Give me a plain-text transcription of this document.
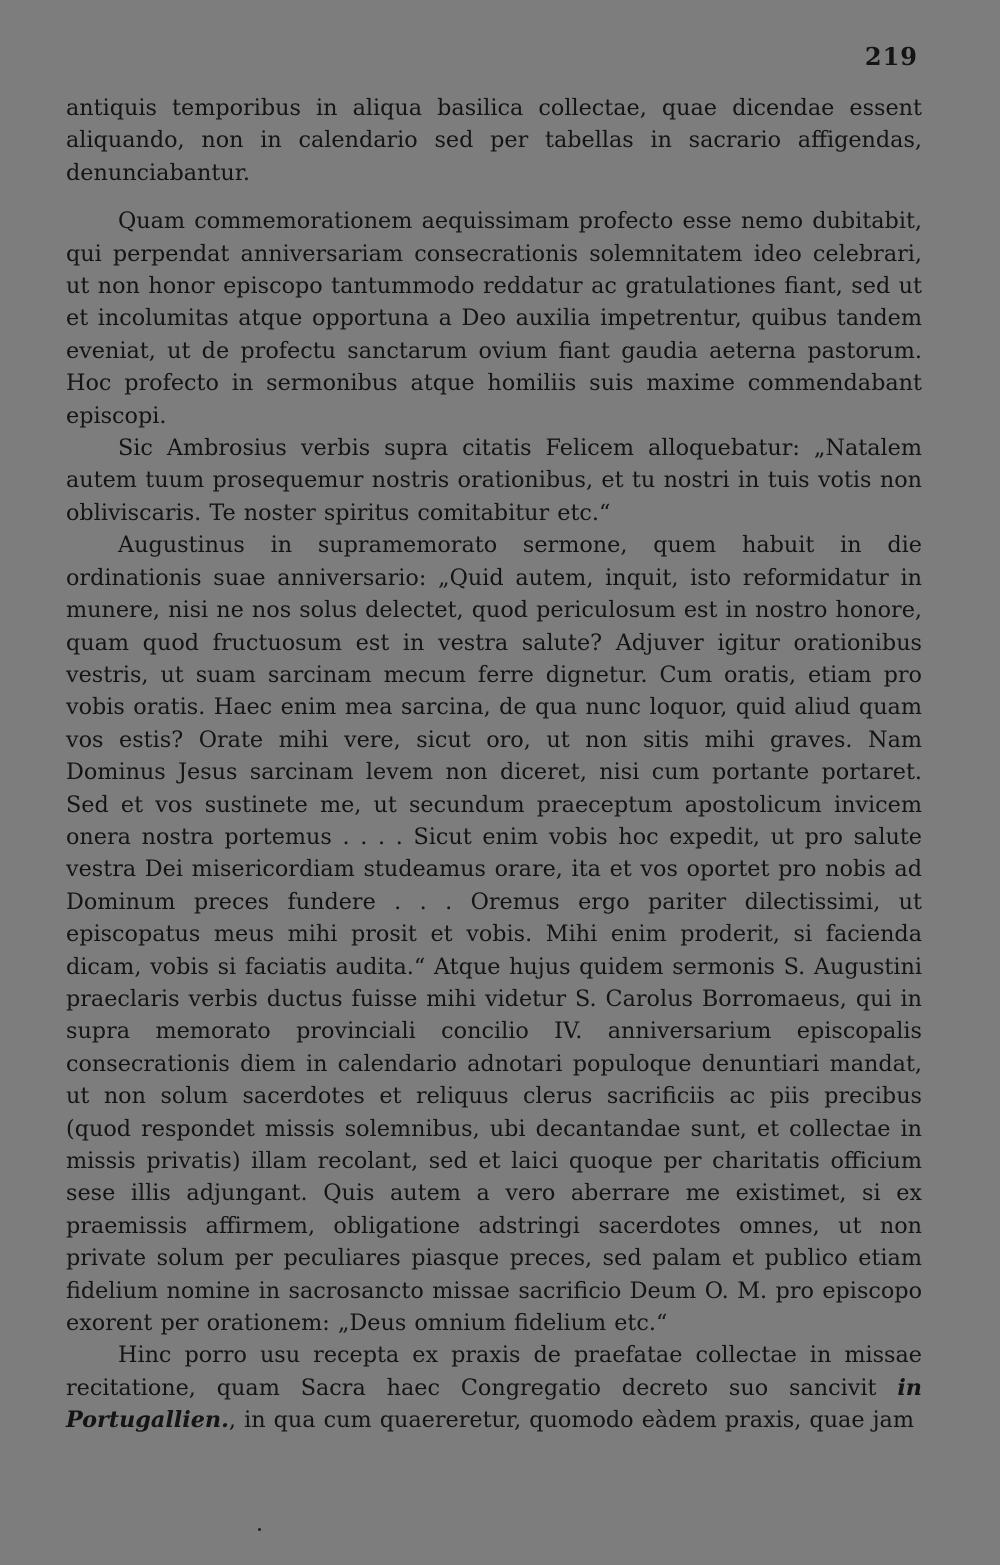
219

antiquis temporibus in aliqua basilica collectae, quae dicendae essent aliquando, non in calendario sed per tabellas in sacrario affigendas, denunciabantur.

Quam commemorationem aequissimam profecto esse nemo dubitabit, qui perpendat anniversariam consecrationis solemnitatem ideo celebrari, ut non honor episcopo tantummodo reddatur ac gratulationes fiant, sed ut et incolumitas atque opportuna a Deo auxilia impetrentur, quibus tandem eveniat, ut de profectu sanctarum ovium fiant gaudia aeterna pastorum. Hoc profecto in sermonibus atque homiliis suis maxime commendabant episcopi.

Sic Ambrosius verbis supra citatis Felicem alloquebatur: „Natalem autem tuum prosequemur nostris orationibus, et tu nostri in tuis votis non obliviscaris. Te noster spiritus comitabitur etc.“

Augustinus in supramemorato sermone, quem habuit in die ordinationis suae anniversario: „Quid autem, inquit, isto reformidatur in munere, nisi ne nos solus delectet, quod periculosum est in nostro honore, quam quod fructuosum est in vestra salute? Adjuver igitur orationibus vestris, ut suam sarcinam mecum ferre dignetur. Cum oratis, etiam pro vobis oratis. Haec enim mea sarcina, de qua nunc loquor, quid aliud quam vos estis? Orate mihi vere, sicut oro, ut non sitis mihi graves. Nam Dominus Jesus sarcinam levem non diceret, nisi cum portante portaret. Sed et vos sustinete me, ut secundum praeceptum apostolicum invicem onera nostra portemus . . . . Sicut enim vobis hoc expedit, ut pro salute vestra Dei misericordiam studeamus orare, ita et vos oportet pro nobis ad Dominum preces fundere . . . Oremus ergo pariter dilectissimi, ut episcopatus meus mihi prosit et vobis. Mihi enim proderit, si facienda dicam, vobis si faciatis audita.“ Atque hujus quidem sermonis S. Augustini praeclaris verbis ductus fuisse mihi videtur S. Carolus Borromaeus, qui in supra memorato provinciali concilio IV. anniversarium episcopalis consecrationis diem in calendario adnotari populoque denuntiari mandat, ut non solum sacerdotes et reliquus clerus sacrificiis ac piis precibus (quod respondet missis solemnibus, ubi decantandae sunt, et collectae in missis privatis) illam recolant, sed et laici quoque per charitatis officium sese illis adjungant. Quis autem a vero aberrare me existimet, si ex praemissis affirmem, obligatione adstringi sacerdotes omnes, ut non private solum per peculiares piasque preces, sed palam et publico etiam fidelium nomine in sacrosancto missae sacrificio Deum O. M. pro episcopo exorent per orationem: „Deus omnium fidelium etc.“

Hinc porro usu recepta ex praxis de praefatae collectae in missae recitatione, quam Sacra haec Congregatio decreto suo sancivit in Portugallien., in qua cum quaereretur, quomodo eàdem praxis, quae jam
